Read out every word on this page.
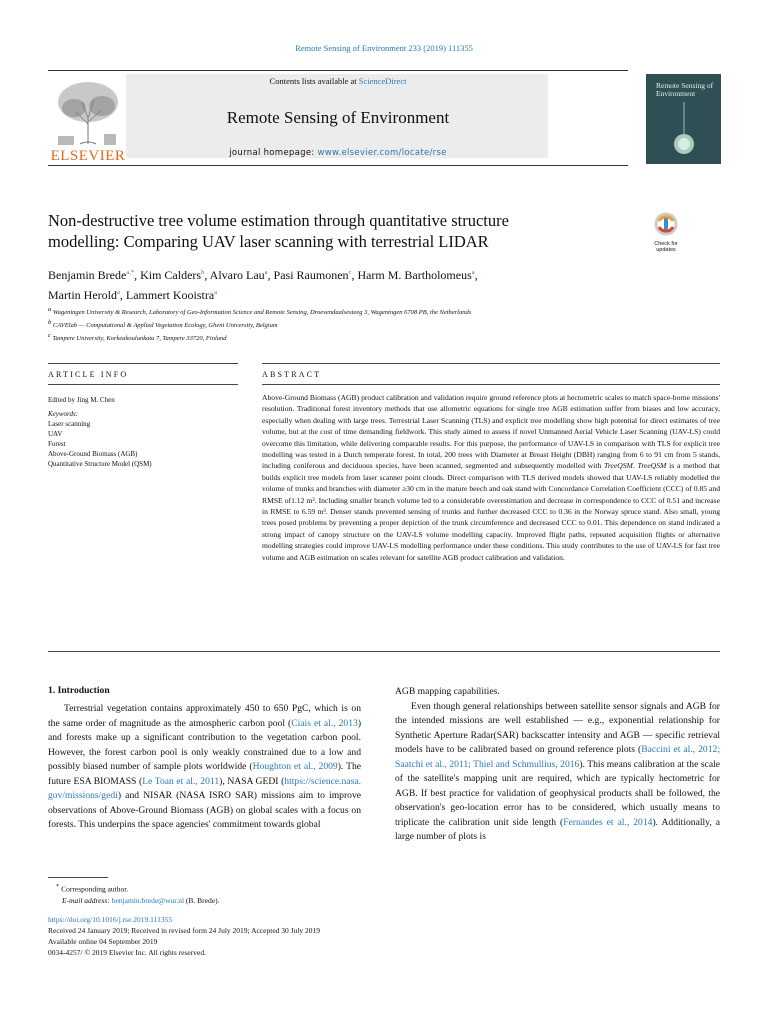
Remote Sensing of Environment 233 (2019) 111355
Contents lists available at ScienceDirect
Remote Sensing of Environment
journal homepage: www.elsevier.com/locate/rse
ELSEVIER
Remote Sensing of Environment
Non-destructive tree volume estimation through quantitative structure
modelling: Comparing UAV laser scanning with terrestrial LIDAR	Check for updates
Benjamin Brede$^{a,*}$, Kim Calders$^b$, Alvaro Lau$^a$, Pasi Raumonen$^c$, Harm M. Bartholomeus$^a$,
Martin Herold$^a$, Lammert Kooistra$^a$
$^a$ Wageningen University & Research, Laboratory of Geo-Information Science and Remote Sensing, Droevendaalsesteeg 3, Wageningen 6708 PB, the Netherlands
$^b$ CAVElab — Computational & Applied Vegetation Ecology, Ghent University, Belgium
$^c$ Tampere University, Korkeakoulunkatu 7, Tampere 33720, Finland
ARTICLE INFO	ABSTRACT
Edited by Jing M. Chen
Keywords:
Laser scanning
UAV
Forest
Above-Ground Biomass (AGB)
Quantitative Structure Model (QSM)
Above-Ground Biomass (AGB) product calibration and validation require ground reference plots at hectometric scales to match space-borne missions' resolution. Traditional forest inventory methods that use allometric equations for single tree AGB estimation suffer from biases and low accuracy, especially when dealing with large trees. Terrestrial Laser Scanning (TLS) and explicit tree modelling show high potential for direct estimates of tree volume, but at the cost of time demanding fieldwork. This study aimed to assess if novel Unmanned Aerial Vehicle Laser Scanning (UAV-LS) could overcome this limitation, while delivering comparable results. For this purpose, the performance of UAV-LS in comparison with TLS for explicit tree modelling was tested in a Dutch temperate forest. In total, 200 trees with Diameter at Breast Height (DBH) ranging from 6 to 91 cm from 5 stands, including coniferous and deciduous species, have been scanned, segmented and subsequently modelled with TreeQSM. TreeQSM is a method that builds explicit tree models from laser scanner point clouds. Direct comparison with TLS derived models showed that UAV-LS reliably modelled the volume of trunks and branches with diameter ≥30 cm in the mature beech and oak stand with Concordance Correlation Coefficient (CCC) of 0.85 and RMSE of1.12 m³. Including smaller branch volume led to a considerable overestimation and decrease in correspondence to CCC of 0.51 and increase in RMSE to 6.59 m³. Denser stands prevented sensing of trunks and further decreased CCC to 0.36 in the Norway spruce stand. Also small, young trees posed problems by preventing a proper depiction of the trunk circumference and decreased CCC to 0.01. This dependence on stand indicated a strong impact of canopy structure on the UAV-LS volume modelling capacity. Improved flight paths, repeated acquisition flights or alternative modelling strategies could improve UAV-LS modelling performance under these conditions. This study contributes to the use of UAV-LS for fast tree volume and AGB estimation on scales relevant for satellite AGB product calibration and validation.

Terrestrial vegetation contains approximately 450 to 650 PgC, which is on the same order of magnitude as the atmospheric carbon pool (Ciais et al., 2013) and forests make up a significant contribution to the vegetation carbon pool. However, the forest carbon pool is only weakly constrained due to a low and possibly biased number of sample plots worldwide (Houghton et al., 2009). The future ESA BIOMASS (Le Toan et al., 2011), NASA GEDI (https://science.nasa.gov/missions/gedi) and NISAR (NASA ISRO SAR) missions aim to improve observations of Above-Ground Biomass (AGB) on global scales with a focus on forests. This underpins the space agencies' commitment towards global

1. Introduction	AGB mapping capabilities.

Even though general relationships between satellite sensor signals and AGB for the intended missions are well established — e.g., exponential relationship for Synthetic Aperture Radar(SAR) backscatter intensity and AGB — specific retrieval models have to be calibrated based on ground reference plots (Baccini et al., 2012; Saatchi et al., 2011; Thiel and Schmullius, 2016). This means calibration at the scale of the satellite's mapping unit are required, which are typically hectometric for AGB. If best practice for validation of geophysical products shall be followed, the observation's geo-location error has to be considered, which usually means to triplicate the calibration unit side length (Fernandes et al., 2014). Additionally, a large number of plots is

* Corresponding author.
E-mail address: benjamin.brede@wur.nl (B. Brede).
https://doi.org/10.1016/j.rse.2019.111355
Received 24 January 2019; Received in revised form 24 July 2019; Accepted 30 July 2019
Available online 04 September 2019
0034-4257/ © 2019 Elsevier Inc. All rights reserved.
